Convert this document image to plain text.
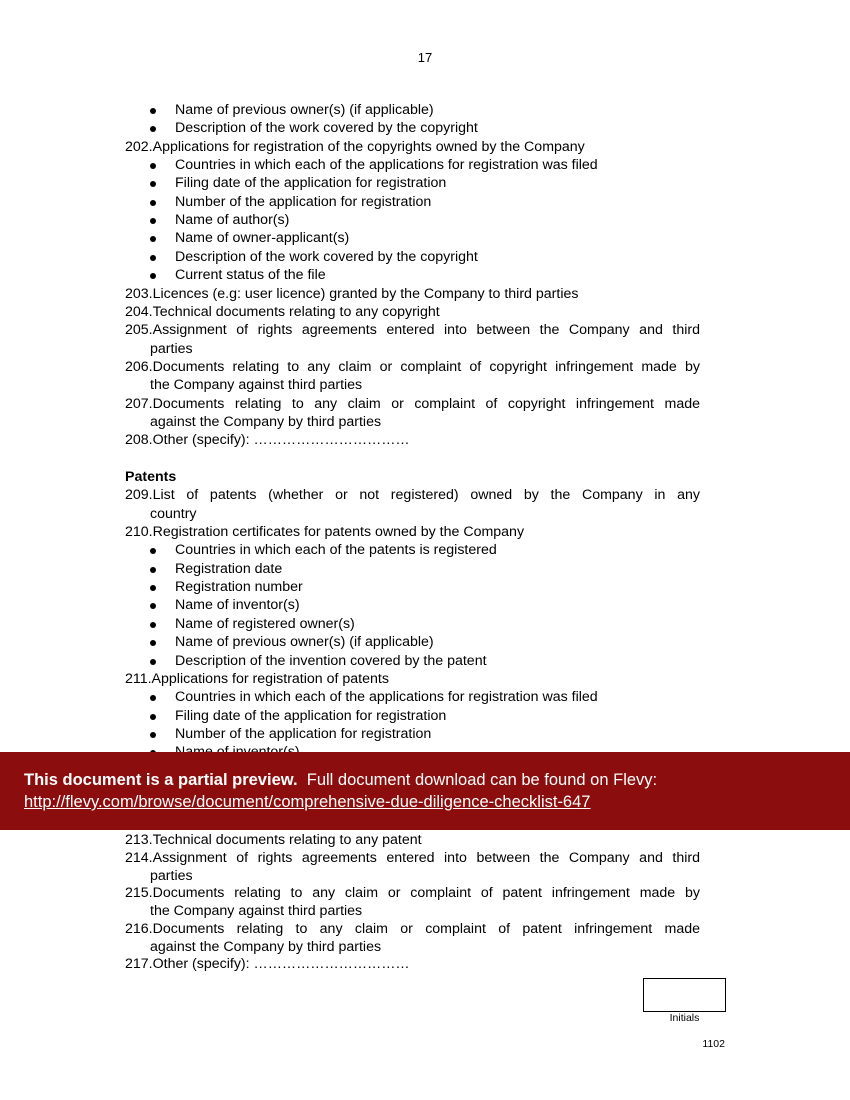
17
Name of previous owner(s) (if applicable)
Description of the work covered by the copyright
202.Applications for registration of the copyrights owned by the Company
Countries in which each of the applications for registration was filed
Filing date of the application for registration
Number of the application for registration
Name of author(s)
Name of owner-applicant(s)
Description of the work covered by the copyright
Current status of the file
203.Licences (e.g: user licence) granted by the Company to third parties
204.Technical documents relating to any copyright
205.Assignment of rights agreements entered into between the Company and third
parties
206.Documents relating to any claim or complaint of copyright infringement made by
the Company against third parties
207.Documents relating to any claim or complaint of copyright infringement made
against the Company by third parties
208.Other (specify): ……………………………
Patents
209.List of patents (whether or not registered) owned by the Company in any
country
210.Registration certificates for patents owned by the Company
Countries in which each of the patents is registered
Registration date
Registration number
Name of inventor(s)
Name of registered owner(s)
Name of previous owner(s) (if applicable)
Description of the invention covered by the patent
211.Applications for registration of patents
Countries in which each of the applications for registration was filed
Filing date of the application for registration
Number of the application for registration
213.Technical documents relating to any patent
214.Assignment of rights agreements entered into between the Company and third
parties
215.Documents relating to any claim or complaint of patent infringement made by
the Company against third parties
216.Documents relating to any claim or complaint of patent infringement made
against the Company by third parties
217.Other (specify): ……………………………
This document is a partial preview. Full document download can be found on Flevy:
http://flevy.com/browse/document/comprehensive-due-diligence-checklist-647
Initials
1102
